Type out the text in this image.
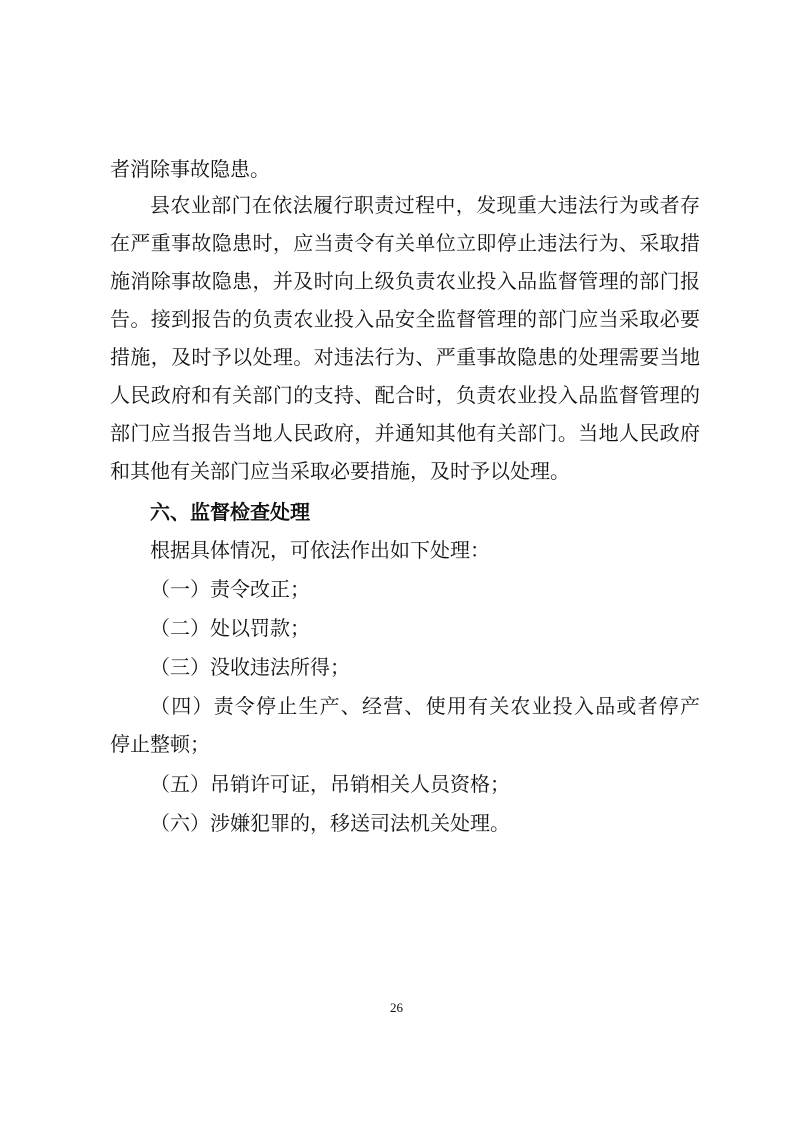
者消除事故隐患。
县农业部门在依法履行职责过程中，发现重大违法行为或者存
在严重事故隐患时，应当责令有关单位立即停止违法行为、采取措
施消除事故隐患，并及时向上级负责农业投入品监督管理的部门报
告。接到报告的负责农业投入品安全监督管理的部门应当采取必要
措施，及时予以处理。对违法行为、严重事故隐患的处理需要当地
人民政府和有关部门的支持、配合时，负责农业投入品监督管理的
部门应当报告当地人民政府，并通知其他有关部门。当地人民政府
和其他有关部门应当采取必要措施，及时予以处理。
六、监督检查处理
根据具体情况，可依法作出如下处理：
（一）责令改正；
（二）处以罚款；
（三）没收违法所得；
（四）责令停止生产、经营、使用有关农业投入品或者停产
停止整顿；
（五）吊销许可证，吊销相关人员资格；
（六）涉嫌犯罪的，移送司法机关处理。
26
